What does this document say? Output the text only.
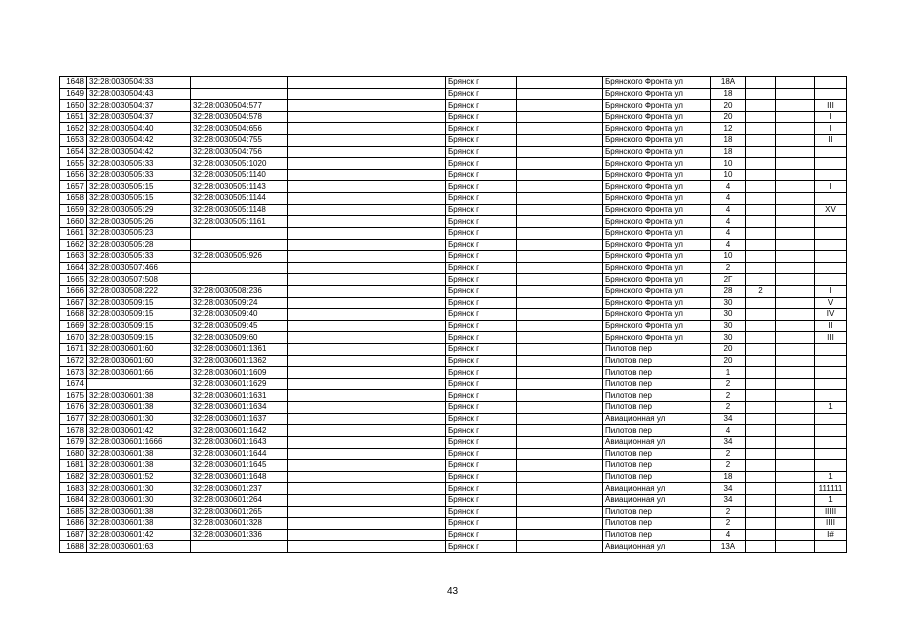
1648	32:28:0030504:33			Брянск г		Брянского Фронта ул	18А			
1649	32:28:0030504:43			Брянск г		Брянского Фронта ул	18			
1650	32:28:0030504:37	32:28:0030504:577		Брянск г		Брянского Фронта ул	20			III
1651	32:28:0030504:37	32:28:0030504:578		Брянск г		Брянского Фронта ул	20			I
1652	32:28:0030504:40	32:28:0030504:656		Брянск г		Брянского Фронта ул	12			I
1653	32:28:0030504:42	32:28:0030504:755		Брянск г		Брянского Фронта ул	18			II
1654	32:28:0030504:42	32:28:0030504:756		Брянск г		Брянского Фронта ул	18			
1655	32:28:0030505:33	32:28:0030505:1020		Брянск г		Брянского Фронта ул	10			
1656	32:28:0030505:33	32:28:0030505:1140		Брянск г		Брянского Фронта ул	10			
1657	32:28:0030505:15	32:28:0030505:1143		Брянск г		Брянского Фронта ул	4			I
1658	32:28:0030505:15	32:28:0030505:1144		Брянск г		Брянского Фронта ул	4			
1659	32:28:0030505:29	32:28:0030505:1148		Брянск г		Брянского Фронта ул	4			XV
1660	32:28:0030505:26	32:28:0030505:1161		Брянск г		Брянского Фронта ул	4			
1661	32:28:0030505:23			Брянск г		Брянского Фронта ул	4			
1662	32:28:0030505:28			Брянск г		Брянского Фронта ул	4			
1663	32:28:0030505:33	32:28:0030505:926		Брянск г		Брянского Фронта ул	10			
1664	32:28:0030507:466			Брянск г		Брянского Фронта ул	2			
1665	32:28:0030507:508			Брянск г		Брянского Фронта ул	2Г			
1666	32:28:0030508:222	32:28:0030508:236		Брянск г		Брянского Фронта ул	28	2		I
1667	32:28:0030509:15	32:28:0030509:24		Брянск г		Брянского Фронта ул	30			V
1668	32:28:0030509:15	32:28:0030509:40		Брянск г		Брянского Фронта ул	30			IV
1669	32:28:0030509:15	32:28:0030509:45		Брянск г		Брянского Фронта ул	30			II
1670	32:28:0030509:15	32:28:0030509:60		Брянск г		Брянского Фронта ул	30			III
1671	32:28:0030601:60	32:28:0030601:1361		Брянск г		Пилотов пер	20			
1672	32:28:0030601:60	32:28:0030601:1362		Брянск г		Пилотов пер	20			
1673	32:28:0030601:66	32:28:0030601:1609		Брянск г		Пилотов пер	1			
1674		32:28:0030601:1629		Брянск г		Пилотов пер	2			
1675	32:28:0030601:38	32:28:0030601:1631		Брянск г		Пилотов пер	2			
1676	32:28:0030601:38	32:28:0030601:1634		Брянск г		Пилотов пер	2			1
1677	32:28:0030601:30	32:28:0030601:1637		Брянск г		Авиационная ул	34			
1678	32:28:0030601:42	32:28:0030601:1642		Брянск г		Пилотов пер	4			
1679	32:28:0030601:1666	32:28:0030601:1643		Брянск г		Авиационная ул	34			
1680	32:28:0030601:38	32:28:0030601:1644		Брянск г		Пилотов пер	2			
1681	32:28:0030601:38	32:28:0030601:1645		Брянск г		Пилотов пер	2			
1682	32:28:0030601:52	32:28:0030601:1648		Брянск г		Пилотов пер	18			1
1683	32:28:0030601:30	32:28:0030601:237		Брянск г		Авиационная ул	34			111111
1684	32:28:0030601:30	32:28:0030601:264		Брянск г		Авиационная ул	34			1
1685	32:28:0030601:38	32:28:0030601:265		Брянск г		Пилотов пер	2			IIIII
1686	32:28:0030601:38	32:28:0030601:328		Брянск г		Пилотов пер	2			IIII
1687	32:28:0030601:42	32:28:0030601:336		Брянск г		Пилотов пер	4			I#
1688	32:28:0030601:63			Брянск г		Авиационная ул	13А			
43
